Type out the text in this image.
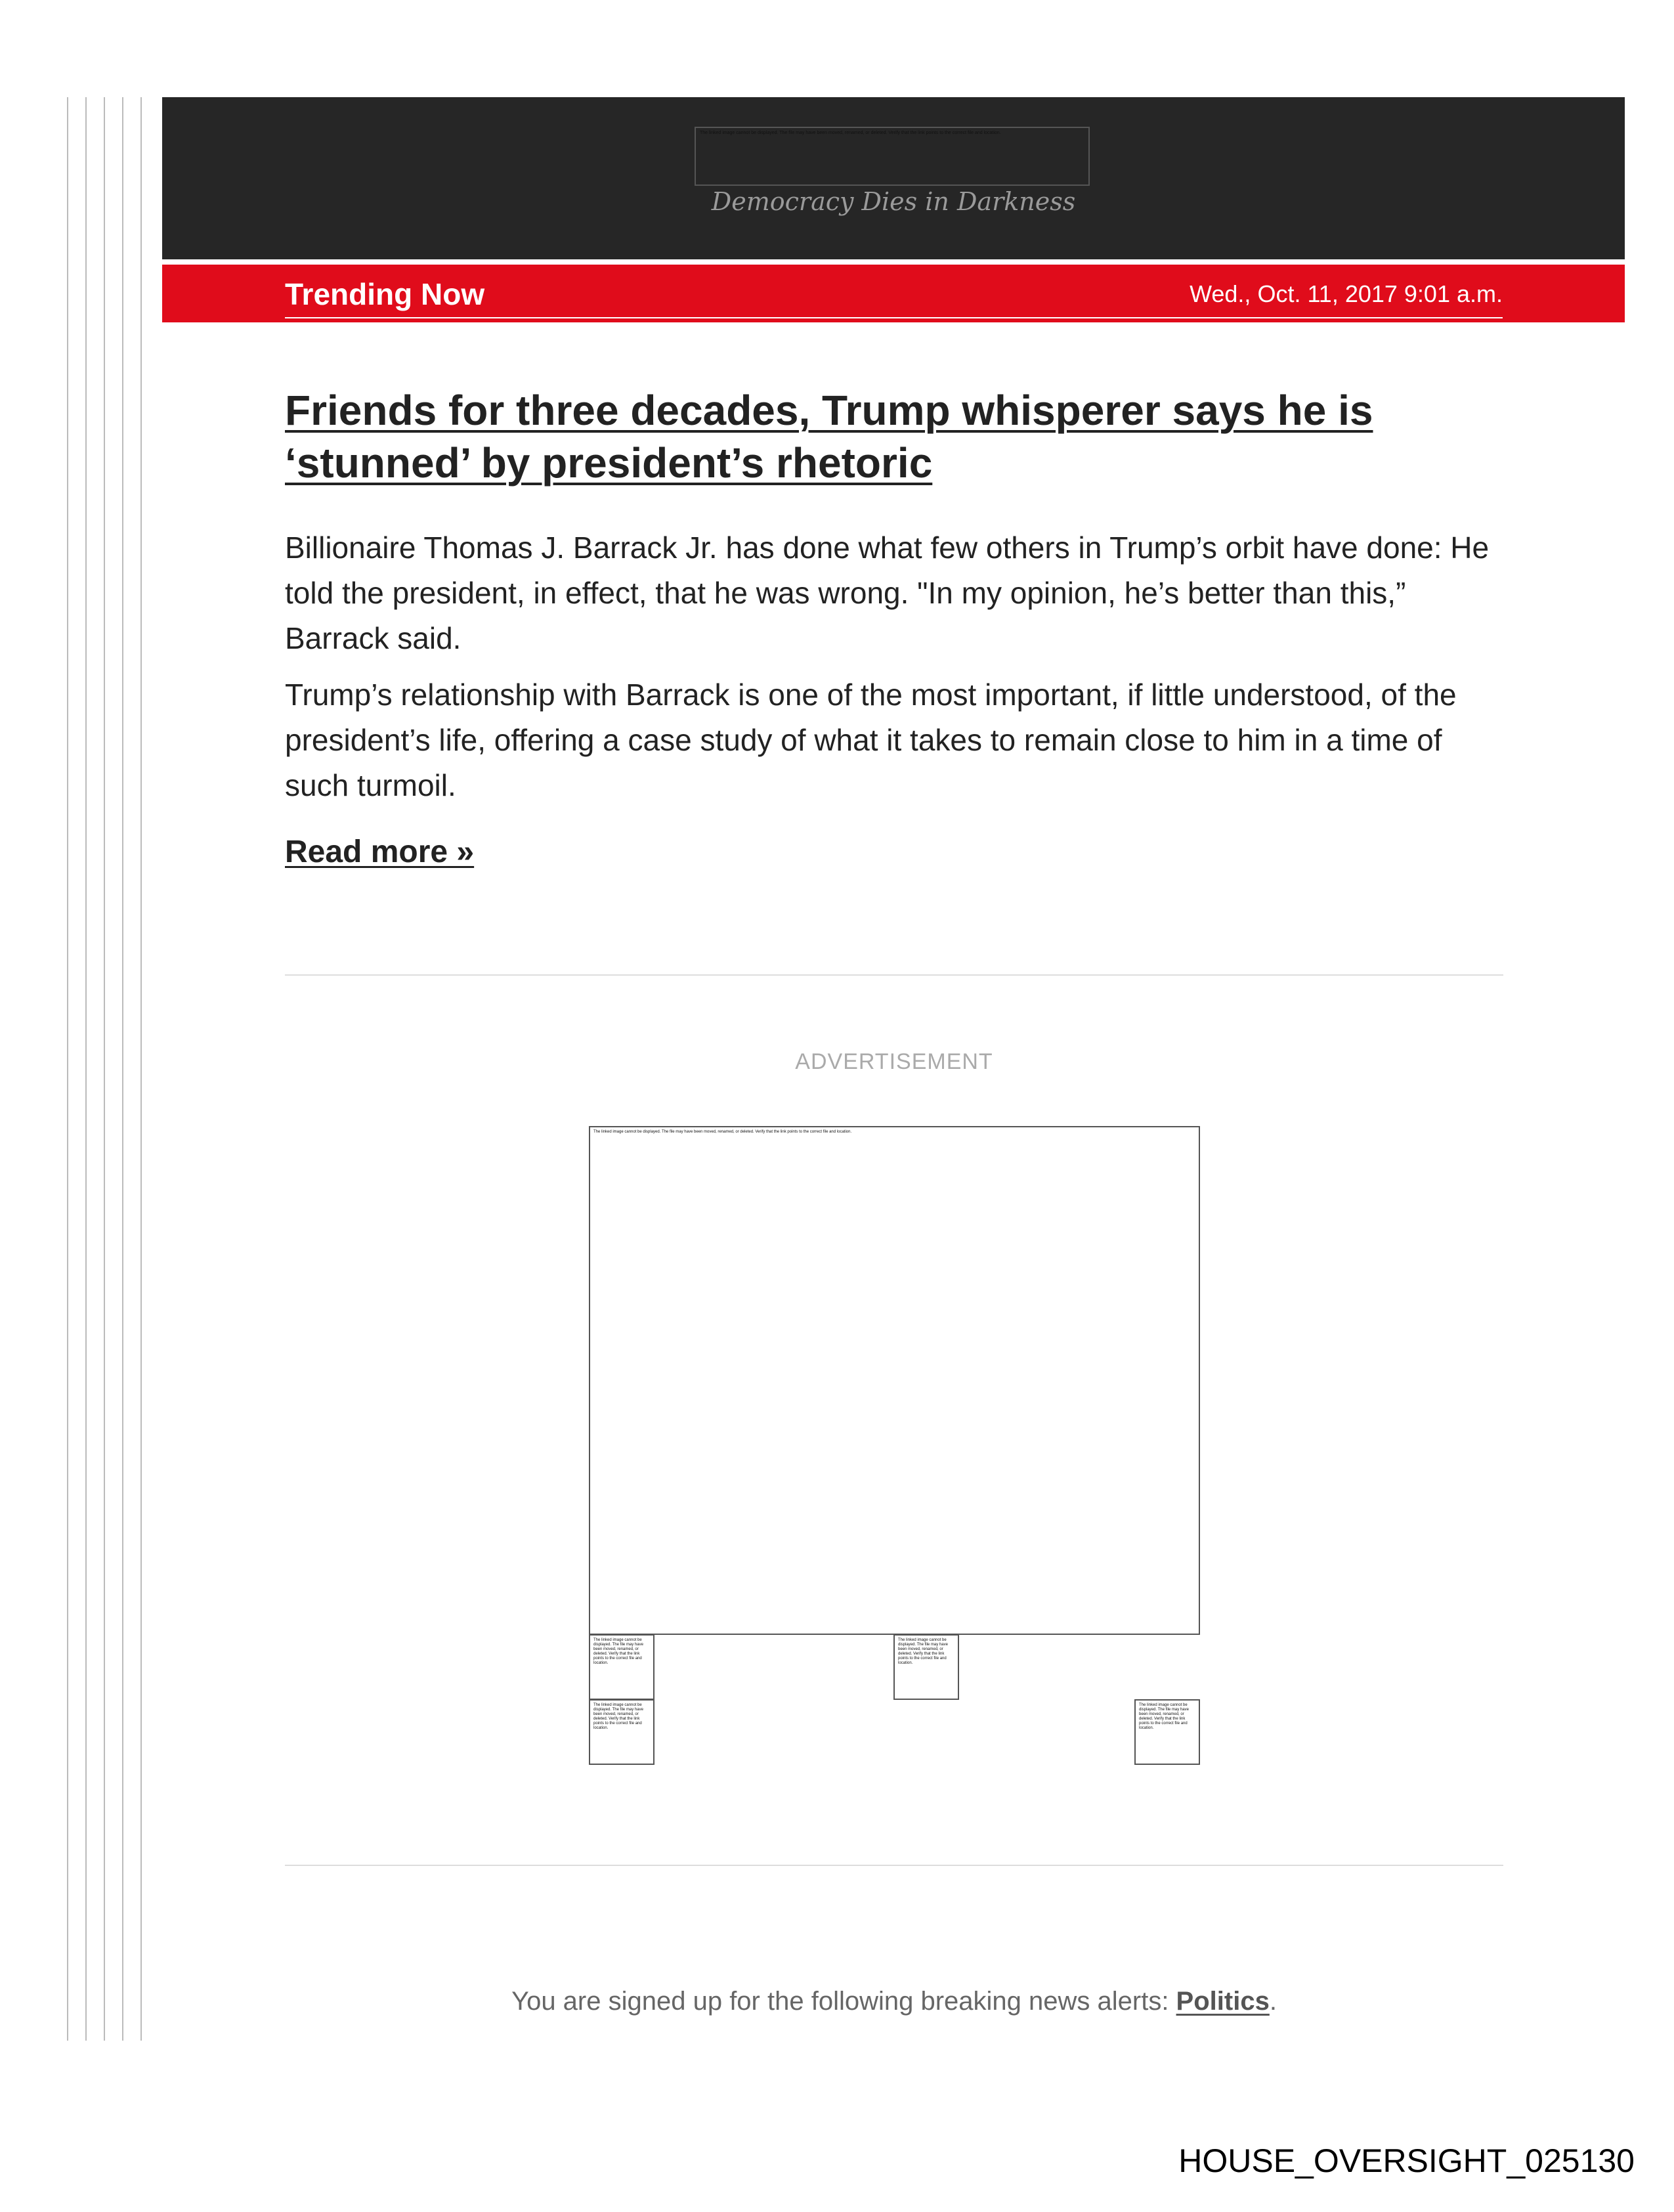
The linked image cannot be displayed. The file may have been moved, renamed, or deleted. Verify that the link points to the correct file and location.
Democracy Dies in Darkness
Trending Now	Wed., Oct. 11, 2017 9:01 a.m.
Friends for three decades, Trump whisperer says he is ‘stunned’ by president’s rhetoric

Billionaire Thomas J. Barrack Jr. has done what few others in Trump’s orbit have done: He told the president, in effect, that he was wrong. "In my opinion, he’s better than this,” Barrack said.

Trump’s relationship with Barrack is one of the most important, if little understood, of the president’s life, offering a case study of what it takes to remain close to him in a time of such turmoil.

Read more »
ADVERTISEMENT
The linked image cannot be displayed. The file may have been moved, renamed, or deleted. Verify that the link points to the correct file and location.
The linked image cannot be displayed. The file may have been moved, renamed, or deleted. Verify that the link points to the correct file and location.
The linked image cannot be displayed. The file may have been moved, renamed, or deleted. Verify that the link points to the correct file and location.
The linked image cannot be displayed. The file may have been moved, renamed, or deleted. Verify that the link points to the correct file and location.
The linked image cannot be displayed. The file may have been moved, renamed, or deleted. Verify that the link points to the correct file and location.
You are signed up for the following breaking news alerts: Politics.
HOUSE_OVERSIGHT_025130
